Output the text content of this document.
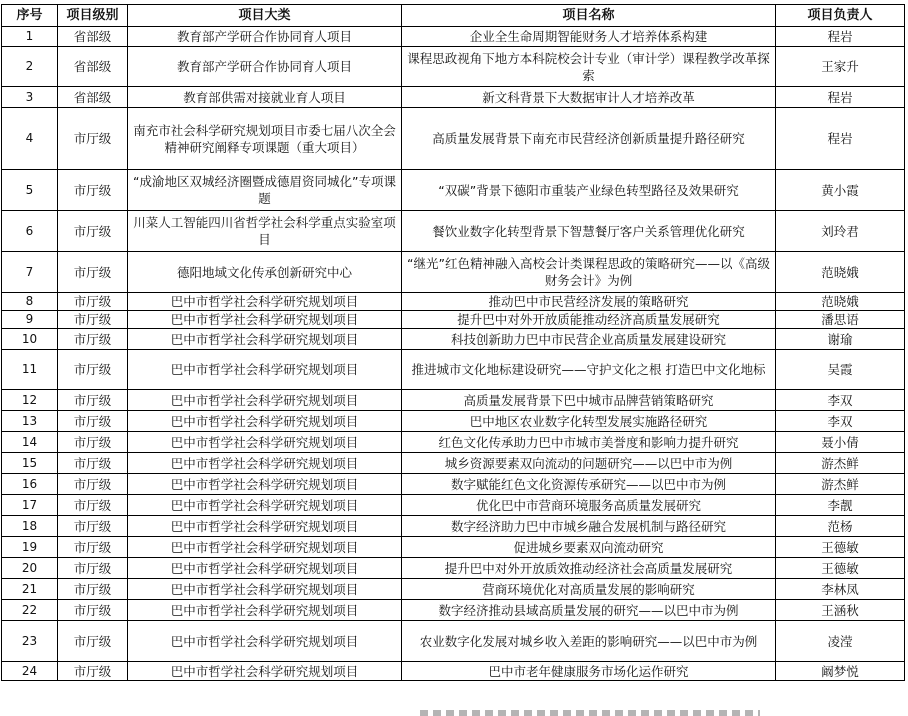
序号	项目级别	项目大类	项目名称	项目负责人
1	省部级	教育部产学研合作协同育人项目	企业全生命周期智能财务人才培养体系构建	程岩
2	省部级	教育部产学研合作协同育人项目	课程思政视角下地方本科院校会计专业（审计学）课程教学改革探索	王家升
3	省部级	教育部供需对接就业育人项目	新文科背景下大数据审计人才培养改革	程岩
4	市厅级	南充市社会科学研究规划项目市委七届八次全会精神研究阐释专项课题（重大项目）	高质量发展背景下南充市民营经济创新质量提升路径研究	程岩
5	市厅级	“成渝地区双城经济圈暨成德眉资同城化”专项课题	“双碳”背景下德阳市重装产业绿色转型路径及效果研究	黄小霞
6	市厅级	川菜人工智能四川省哲学社会科学重点实验室项目	餐饮业数字化转型背景下智慧餐厅客户关系管理优化研究	刘玲君
7	市厅级	德阳地域文化传承创新研究中心	“继光”红色精神融入高校会计类课程思政的策略研究——以《高级财务会计》为例	范晓娥
8	市厅级	巴中市哲学社会科学研究规划项目	推动巴中市民营经济发展的策略研究	范晓娥
9	市厅级	巴中市哲学社会科学研究规划项目	提升巴中对外开放质能推动经济高质量发展研究	潘思语
10	市厅级	巴中市哲学社会科学研究规划项目	科技创新助力巴中市民营企业高质量发展建设研究	谢瑜
11	市厅级	巴中市哲学社会科学研究规划项目	推进城市文化地标建设研究——守护文化之根 打造巴中文化地标	吴霞
12	市厅级	巴中市哲学社会科学研究规划项目	高质量发展背景下巴中城市品牌营销策略研究	李双
13	市厅级	巴中市哲学社会科学研究规划项目	巴中地区农业数字化转型发展实施路径研究	李双
14	市厅级	巴中市哲学社会科学研究规划项目	红色文化传承助力巴中市城市美誉度和影响力提升研究	聂小倩
15	市厅级	巴中市哲学社会科学研究规划项目	城乡资源要素双向流动的问题研究——以巴中市为例	游杰鲜
16	市厅级	巴中市哲学社会科学研究规划项目	数字赋能红色文化资源传承研究——以巴中市为例	游杰鲜
17	市厅级	巴中市哲学社会科学研究规划项目	优化巴中市营商环境服务高质量发展研究	李靓
18	市厅级	巴中市哲学社会科学研究规划项目	数字经济助力巴中市城乡融合发展机制与路径研究	范杨
19	市厅级	巴中市哲学社会科学研究规划项目	促进城乡要素双向流动研究	王德敏
20	市厅级	巴中市哲学社会科学研究规划项目	提升巴中对外开放质效推动经济社会高质量发展研究	王德敏
21	市厅级	巴中市哲学社会科学研究规划项目	营商环境优化对高质量发展的影响研究	李林凤
22	市厅级	巴中市哲学社会科学研究规划项目	数字经济推动县域高质量发展的研究——以巴中市为例	王涵秋
23	市厅级	巴中市哲学社会科学研究规划项目	农业数字化发展对城乡收入差距的影响研究——以巴中市为例	凌滢
24	市厅级	巴中市哲学社会科学研究规划项目	巴中市老年健康服务市场化运作研究	阚梦悦
